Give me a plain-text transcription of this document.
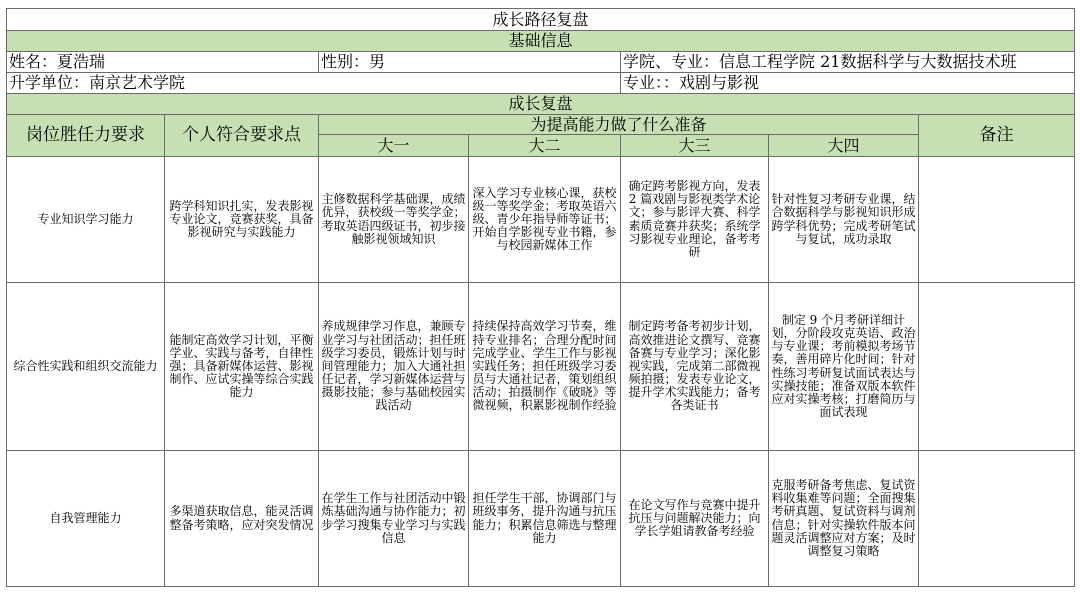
成长路径复盘						
基础信息						
姓名：夏浩瑞		性别：男		学院、专业：信息工程学院 21数据科学与大数据技术班		
升学单位：南京艺术学院				专业：：戏剧与影视		
成长复盘						
岗位胜任力要求	个人符合要求点	为提高能力做了什么准备				备注
		大一	大二	大三	大四	
专业知识学习能力	跨学科知识扎实，发表影视专业论文，竞赛获奖，具备影视研究与实践能力	主修数据科学基础课，成绩优异，获校级一等奖学金；考取英语四级证书，初步接触影视领域知识	深入学习专业核心课，获校级一等奖学金；考取英语六级、青少年指导师等证书；开始自学影视专业书籍，参与校园新媒体工作	确定跨考影视方向，发表 2 篇戏剧与影视类学术论文；参与影评大赛、科学素质竞赛并获奖；系统学习影视专业理论，备考考研	针对性复习考研专业课，结合数据科学与影视知识形成跨学科优势；完成考研笔试与复试，成功录取	
综合性实践和组织交流能力	能制定高效学习计划，平衡学业、实践与备考，自律性强；具备新媒体运营、影视制作、应试实操等综合实践能力	养成规律学习作息，兼顾专业学习与社团活动；担任班级学习委员，锻炼计划与时间管理能力；加入大通社担任记者，学习新媒体运营与摄影技能；参与基础校园实践活动	持续保持高效学习节奏，维持专业排名；合理分配时间完成学业、学生工作与影视实践任务；担任班级学习委员与大通社记者，策划组织活动；拍摄制作《破晓》等微视频，积累影视制作经验	制定跨考备考初步计划，高效推进论文撰写、竞赛备赛与专业学习；深化影视实践，完成第二部微视频拍摄；发表专业论文，提升学术实践能力；备考各类证书	制定 9 个月考研详细计划，分阶段攻克英语、政治与专业课；考前模拟考场节奏，善用碎片化时间；针对性练习考研复试面试表达与实操技能；准备双版本软件应对实操考核；打磨简历与面试表现	
自我管理能力	多渠道获取信息，能灵活调整备考策略，应对突发情况	在学生工作与社团活动中锻炼基础沟通与协作能力；初步学习搜集专业学习与实践信息	担任学生干部，协调部门与班级事务，提升沟通与抗压能力；积累信息筛选与整理能力	在论文写作与竞赛中提升抗压与问题解决能力；向学长学姐请教备考经验	克服考研备考焦虑、复试资料收集难等问题；全面搜集考研真题、复试资料与调剂信息；针对实操软件版本问题灵活调整应对方案；及时调整复习策略	
